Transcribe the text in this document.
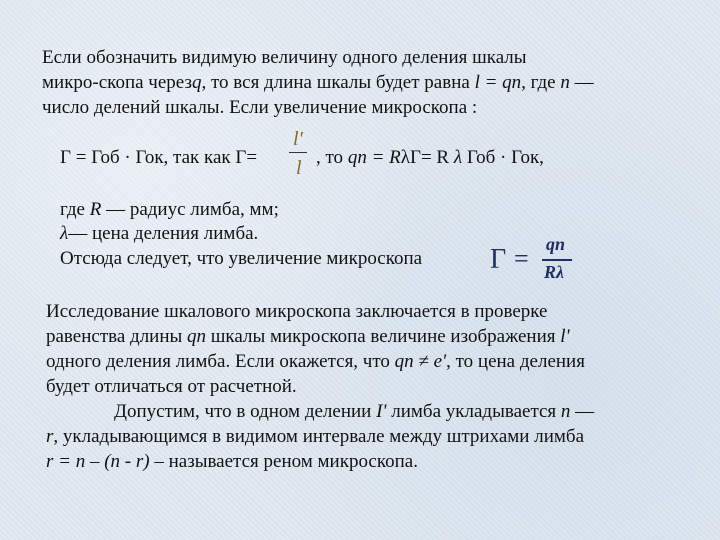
Если обозначить видимую величину одного деления шкалы
микро-скопа черезq, то вся длина шкалы будет равна l = qn, где n —
число делений шкалы. Если увеличение микроскопа :
Г = Гоб · Гок, так как Г=
l'
l , то qn = RλГ= R λ Гоб · Гок,
где R — радиус лимба, мм;
λ— цена деления лимба.
Отсюда следует, что увеличение микроскопа Γ = qn
Rλ
Исследование шкалового микроскопа заключается в проверке
равенства длины qn шкалы микроскопа величине изображения l'
одного деления лимба. Если окажется, что qn ≠ е', то цена деления
будет отличаться от расчетной.
Допустим, что в одном делении I' лимба укладывается n —
r, укладывающимся в видимом интервале между штрихами лимба
r = n – (n - r) – называется реном микроскопа.
